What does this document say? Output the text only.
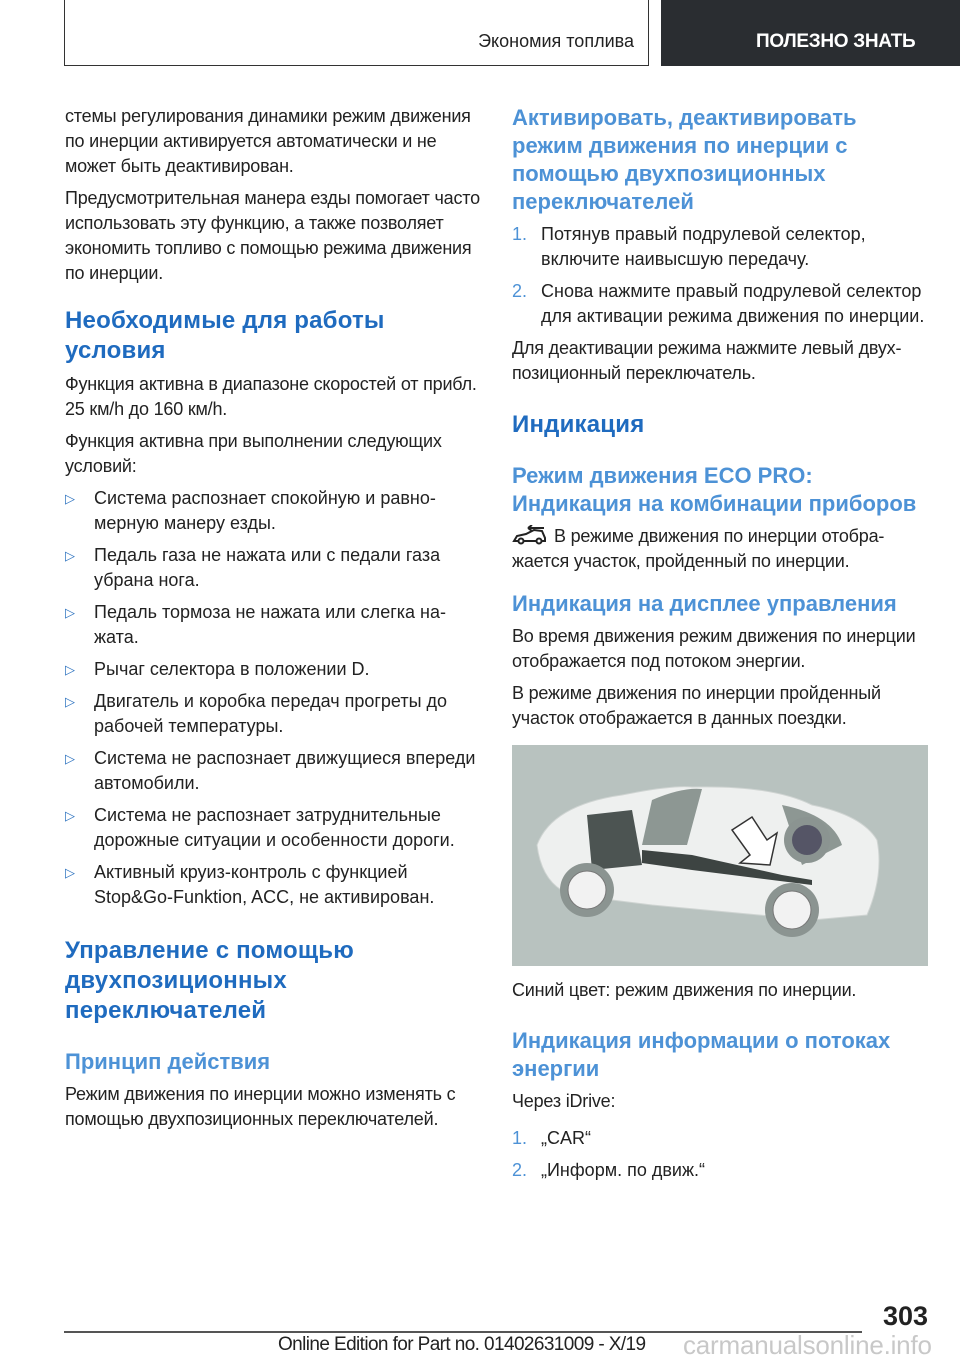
Экономия топлива	ПОЛЕЗНО ЗНАТЬ

стемы регулирования динамики режим движения по инерции активируется автоматически и не может быть деактивирован.

Предусмотрительная манера езды помогает часто использовать эту функцию, а также позволяет экономить топливо с помощью режима движения по инерции.

Необходимые для работы условия

Функция активна в диапазоне скоростей от прибл. 25 км/h до 160 км/h.

Функция активна при выполнении следующих условий:

▷ Система распознает спокойную и равномерную манеру езды.
▷ Педаль газа не нажата или с педали газа убрана нога.
▷ Педаль тормоза не нажата или слегка нажата.
▷ Рычаг селектора в положении D.
▷ Двигатель и коробка передач прогреты до рабочей температуры.
▷ Система не распознает движущиеся впереди автомобили.
▷ Система не распознает затруднительные дорожные ситуации и особенности дороги.
▷ Активный круиз-контроль с функцией Stop&Go-Funktion, ACC, не активирован.
Управление с помощью двухпозиционных переключателей
Принцип действия

Режим движения по инерции можно изменять с помощью двухпозиционных переключателей.

Активировать, деактивировать режим движения по инерции с помощью двухпозиционных переключателей
1. Потянув правый подрулевой селектор, включите наивысшую передачу.
2. Снова нажмите правый подрулевой селектор для активации режима движения по инерции.

Для деактивации режима нажмите левый двухпозиционный переключатель.

Индикация
Режим движения ECO PRO: Индикация на комбинации приборов

В режиме движения по инерции отображается участок, пройденный по инерции.

Индикация на дисплее управления

Во время движения режим движения по инерции отображается под потоком энергии.

В режиме движения по инерции пройденный участок отображается в данных поездки.

Синий цвет: режим движения по инерции.

Индикация информации о потоках энергии

Через iDrive:

1. „CAR“
2. „Информ. по движ.“
303
Online Edition for Part no. 01402631009 - X/19 carmanualsonline.info
